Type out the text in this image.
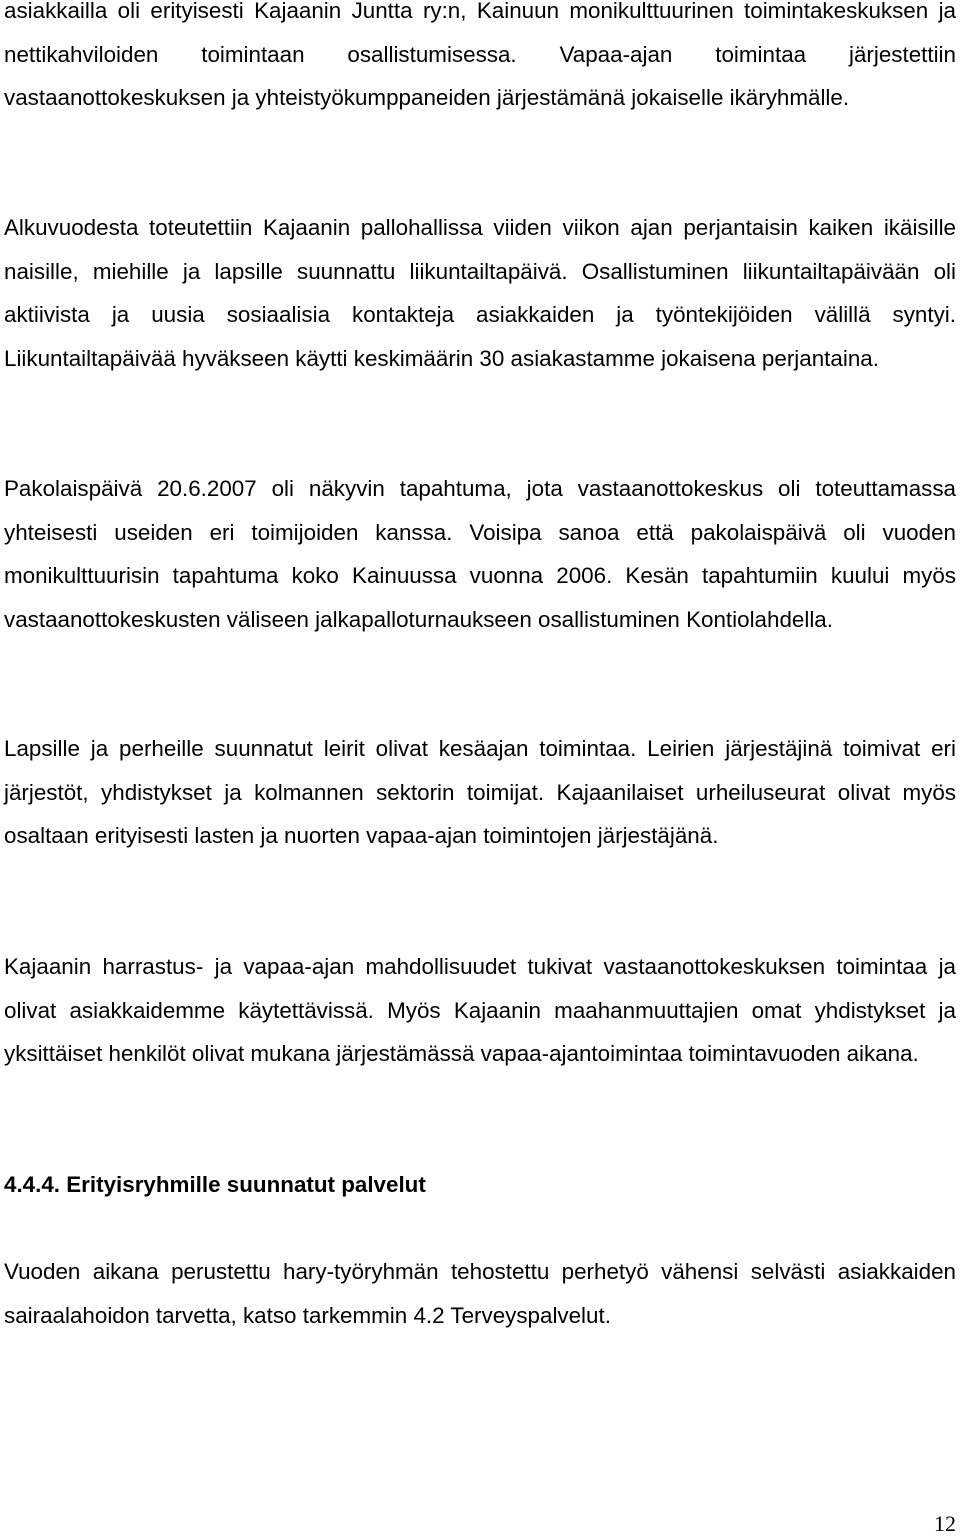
asiakkailla oli erityisesti Kajaanin Juntta ry:n, Kainuun monikulttuurinen toimintakeskuksen ja nettikahviloiden toimintaan osallistumisessa. Vapaa-ajan toimintaa järjestettiin vastaanottokeskuksen ja yhteistyökumppaneiden järjestämänä jokaiselle ikäryhmälle.

Alkuvuodesta toteutettiin Kajaanin pallohallissa viiden viikon ajan perjantaisin kaiken ikäisille naisille, miehille ja lapsille suunnattu liikuntailtapäivä. Osallistuminen liikuntailtapäivään oli aktiivista ja uusia sosiaalisia kontakteja asiakkaiden ja työntekijöiden välillä syntyi. Liikuntailtapäivää hyväkseen käytti keskimäärin 30 asiakastamme jokaisena perjantaina.

Pakolaispäivä 20.6.2007 oli näkyvin tapahtuma, jota vastaanottokeskus oli toteuttamassa yhteisesti useiden eri toimijoiden kanssa. Voisipa sanoa että pakolaispäivä oli vuoden monikulttuurisin tapahtuma koko Kainuussa vuonna 2006. Kesän tapahtumiin kuului myös vastaanottokeskusten väliseen jalkapalloturnaukseen osallistuminen Kontiolahdella.

Lapsille ja perheille suunnatut leirit olivat kesäajan toimintaa. Leirien järjestäjinä toimivat eri järjestöt, yhdistykset ja kolmannen sektorin toimijat. Kajaanilaiset urheiluseurat olivat myös osaltaan erityisesti lasten ja nuorten vapaa-ajan toimintojen järjestäjänä.

Kajaanin harrastus- ja vapaa-ajan mahdollisuudet tukivat vastaanottokeskuksen toimintaa ja olivat asiakkaidemme käytettävissä. Myös Kajaanin maahanmuuttajien omat yhdistykset ja yksittäiset henkilöt olivat mukana järjestämässä vapaa-ajantoimintaa toimintavuoden aikana.

4.4.4. Erityisryhmille suunnatut palvelut

Vuoden aikana perustettu hary-työryhmän tehostettu perhetyö vähensi selvästi asiakkaiden sairaalahoidon tarvetta, katso tarkemmin 4.2 Terveyspalvelut.

12
